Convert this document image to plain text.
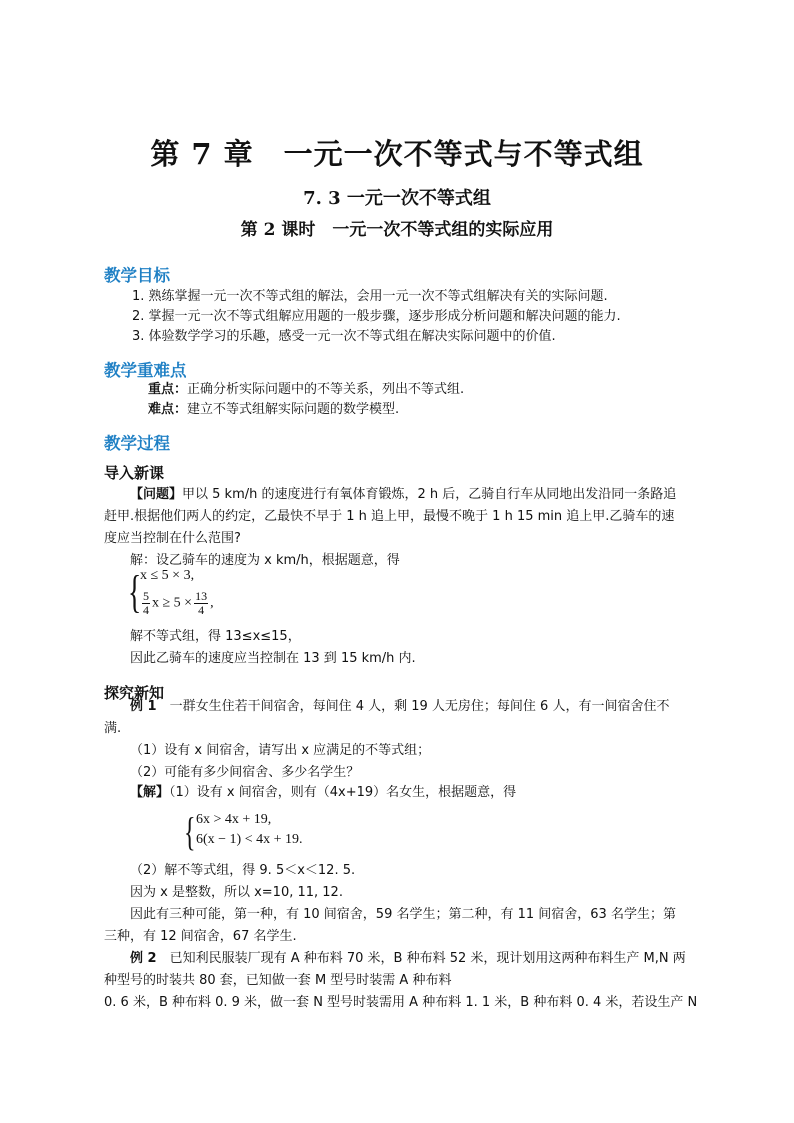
第 7 章　一元一次不等式与不等式组
7. 3 一元一次不等式组
第 2 课时　一元一次不等式组的实际应用
教学目标
1. 熟练掌握一元一次不等式组的解法，会用一元一次不等式组解决有关的实际问题.
2. 掌握一元一次不等式组解应用题的一般步骤，逐步形成分析问题和解决问题的能力.
3. 体验数学学习的乐趣，感受一元一次不等式组在解决实际问题中的价值.
教学重难点
重点：正确分析实际问题中的不等关系，列出不等式组.
难点：建立不等式组解实际问题的数学模型.
教学过程
导入新课
【问题】甲以 5 km/h 的速度进行有氧体育锻炼，2 h 后，乙骑自行车从同地出发沿同一条路追
赶甲.根据他们两人的约定，乙最快不早于 1 h 追上甲，最慢不晚于 1 h 15 min 追上甲.乙骑车的速
度应当控制在什么范围?
解：设乙骑车的速度为 x km/h，根据题意，得
{
x ≤ 5 × 3,
$\frac{5}{4}$ $x \ge 5 \times \frac{13}{4}$ ,
解不等式组，得 13≤x≤15，
因此乙骑车的速度应当控制在 13 到 15 km/h 内.
探究新知
例 1　一群女生住若干间宿舍，每间住 4 人，剩 19 人无房住；每间住 6 人，有一间宿舍住不
满.
（1）设有 x 间宿舍，请写出 x 应满足的不等式组；
（2）可能有多少间宿舍、多少名学生？
【解】（1）设有 x 间宿舍，则有（4x+19）名女生，根据题意，得
{ 6x > 4x + 19,
6(x − 1) < 4x + 19.
（2）解不等式组，得 9. 5＜x＜12. 5.
因为 x 是整数，所以 x=10, 11, 12.
因此有三种可能，第一种，有 10 间宿舍，59 名学生；第二种，有 11 间宿舍，63 名学生；第
三种，有 12 间宿舍，67 名学生.
例 2　已知利民服装厂现有 A 种布料 70 米，B 种布料 52 米，现计划用这两种布料生产 M,N 两
种型号的时装共 80 套，已知做一套 M 型号时装需 A 种布料
0. 6 米，B 种布料 0. 9 米，做一套 N 型号时装需用 A 种布料 1. 1 米，B 种布料 0. 4 米，若设生产 N
